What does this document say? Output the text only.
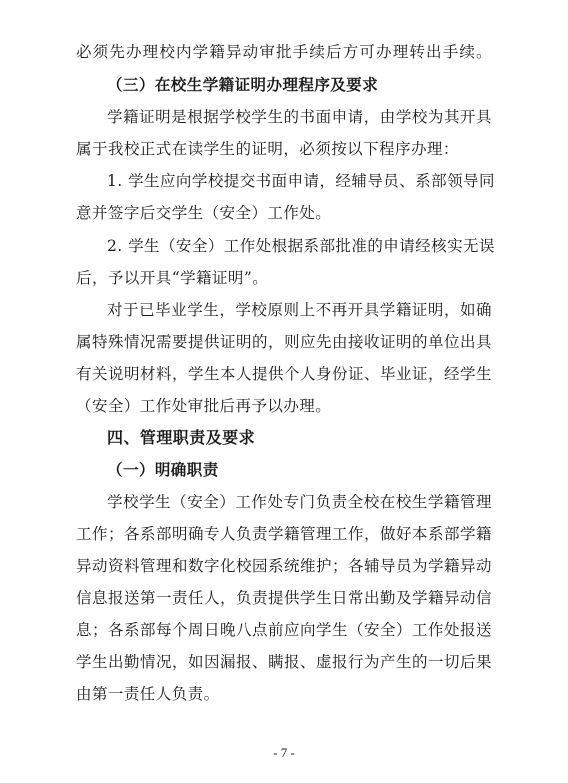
必须先办理校内学籍异动审批手续后方可办理转出手续。
（三）在校生学籍证明办理程序及要求
学籍证明是根据学校学生的书面申请，由学校为其开具
属于我校正式在读学生的证明，必须按以下程序办理：
1. 学生应向学校提交书面申请，经辅导员、系部领导同
意并签字后交学生（安全）工作处。
2. 学生（安全）工作处根据系部批准的申请经核实无误
后，予以开具“学籍证明”。
对于已毕业学生，学校原则上不再开具学籍证明，如确
属特殊情况需要提供证明的，则应先由接收证明的单位出具
有关说明材料，学生本人提供个人身份证、毕业证，经学生
（安全）工作处审批后再予以办理。
四、管理职责及要求
（一）明确职责
学校学生（安全）工作处专门负责全校在校生学籍管理
工作；各系部明确专人负责学籍管理工作，做好本系部学籍
异动资料管理和数字化校园系统维护；各辅导员为学籍异动
信息报送第一责任人，负责提供学生日常出勤及学籍异动信
息；各系部每个周日晚八点前应向学生（安全）工作处报送
学生出勤情况，如因漏报、瞒报、虚报行为产生的一切后果
由第一责任人负责。
- 7 -
